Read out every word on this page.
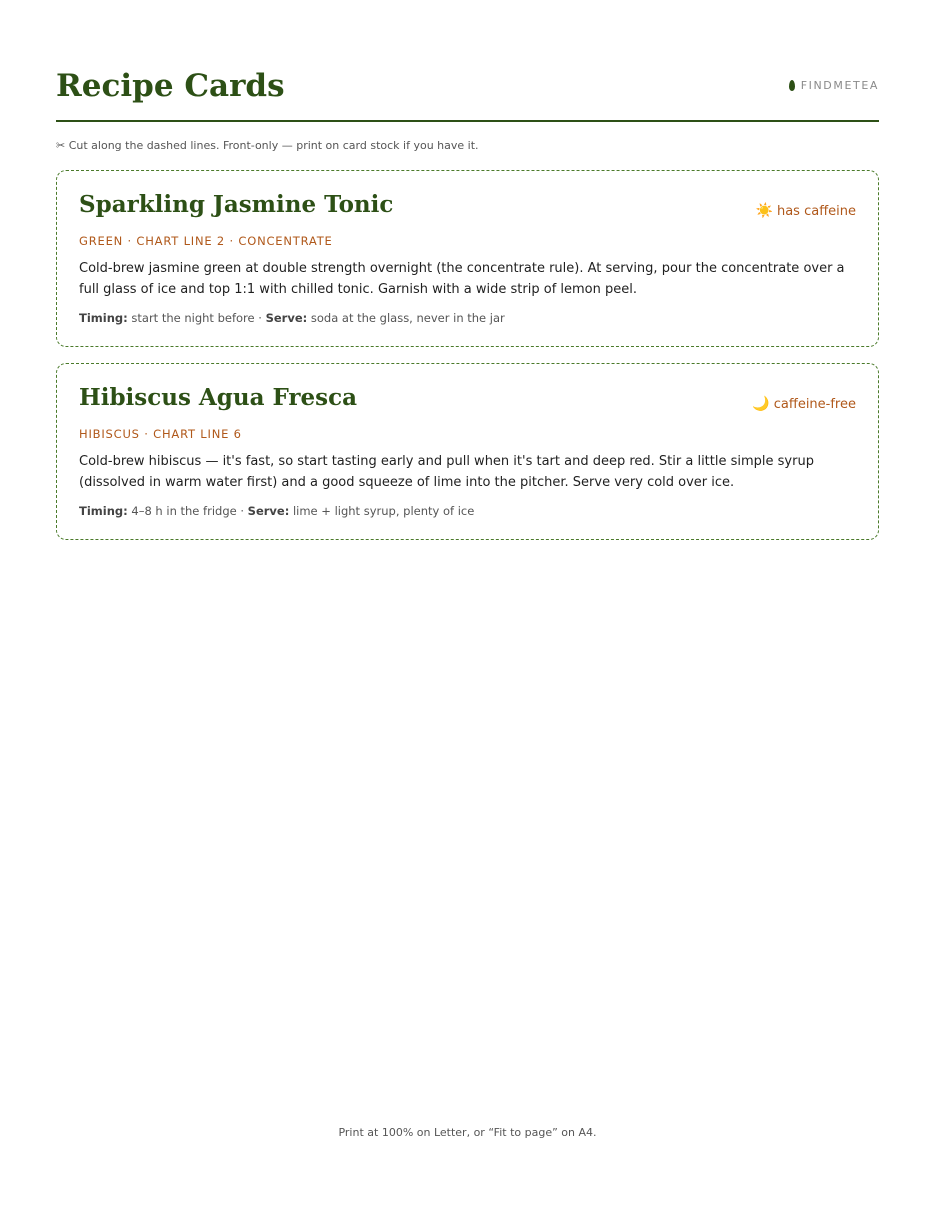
Recipe Cards	FINDMETEA
✂ Cut along the dashed lines. Front-only — print on card stock if you have it.
Sparkling Jasmine Tonic	☀️ has caffeine
GREEN · CHART LINE 2 · CONCENTRATE
Cold-brew jasmine green at double strength overnight (the concentrate rule). At serving, pour the concentrate over a full glass of ice and top 1:1 with chilled tonic. Garnish with a wide strip of lemon peel.
Timing: start the night before · Serve: soda at the glass, never in the jar
Hibiscus Agua Fresca	🌙 caffeine-free
HIBISCUS · CHART LINE 6
Cold-brew hibiscus — it's fast, so start tasting early and pull when it's tart and deep red. Stir a little simple syrup (dissolved in warm water first) and a good squeeze of lime into the pitcher. Serve very cold over ice.
Timing: 4–8 h in the fridge · Serve: lime + light syrup, plenty of ice
Print at 100% on Letter, or “Fit to page” on A4.
